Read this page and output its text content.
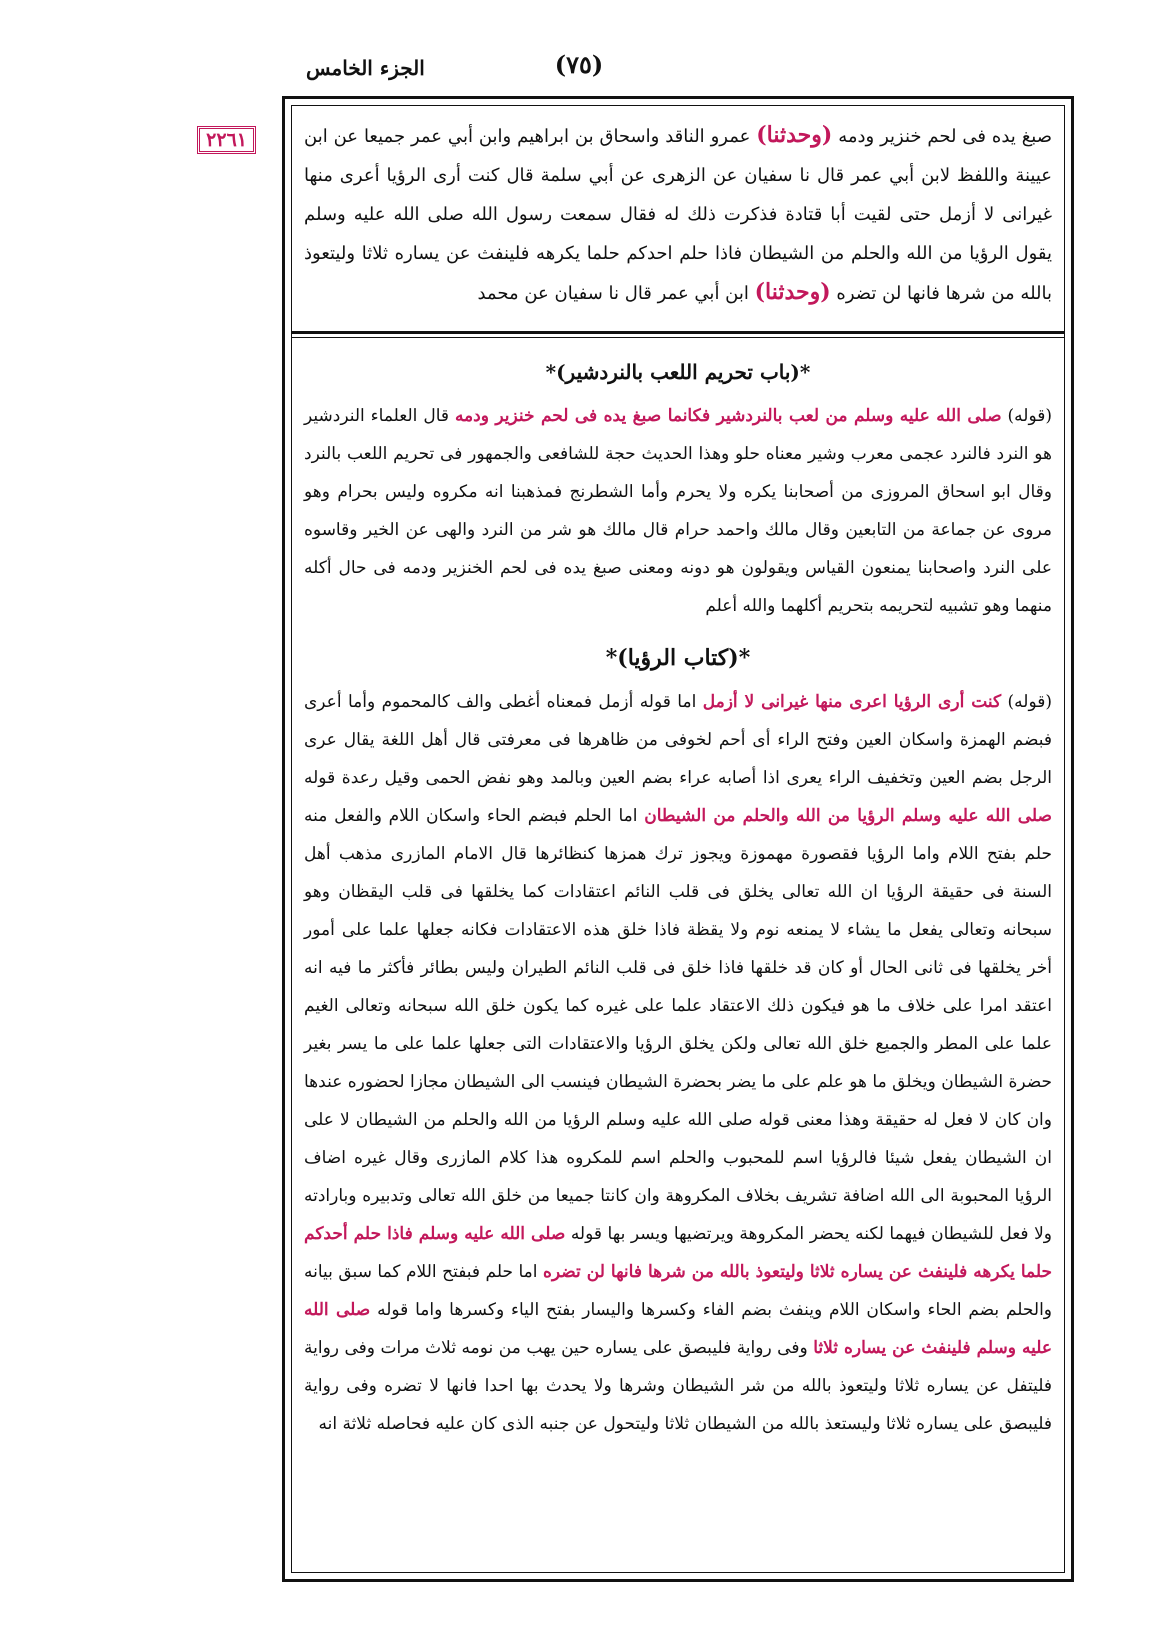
الجزء الخامس	(٧٥)
٢٢٦١	صبغ يده فى لحم خنزير ودمه (وحدثنا) عمرو الناقد واسحاق بن ابراهيم وابن أبي عمر جميعا عن ابن عيينة واللفظ لابن أبي عمر قال نا سفيان عن الزهرى عن أبي سلمة قال كنت أرى الرؤيا أعرى منها غيرانى لا أزمل حتى لقيت أبا قتادة فذكرت ذلك له فقال سمعت رسول الله صلى الله عليه وسلم يقول الرؤيا من الله والحلم من الشيطان فاذا حلم احدكم حلما يكرهه فلينفث عن يساره ثلاثا وليتعوذ بالله من شرها فانها لن تضره (وحدثنا) ابن أبي عمر قال نا سفيان عن محمد
*(باب تحريم اللعب بالنردشير)*

(قوله) صلى الله عليه وسلم من لعب بالنردشير فكانما صبغ يده فى لحم خنزير ودمه قال العلماء النردشير هو النرد فالنرد عجمى معرب وشير معناه حلو وهذا الحديث حجة للشافعى والجمهور فى تحريم اللعب بالنرد وقال ابو اسحاق المروزى من أصحابنا يكره ولا يحرم وأما الشطرنج فمذهبنا انه مكروه وليس بحرام وهو مروى عن جماعة من التابعين وقال مالك واحمد حرام قال مالك هو شر من النرد والهى عن الخير وقاسوه على النرد واصحابنا يمنعون القياس ويقولون هو دونه ومعنى صبغ يده فى لحم الخنزير ودمه فى حال أكله منهما وهو تشبيه لتحريمه بتحريم أكلهما والله أعلم

*(كتاب الرؤيا)*

(قوله) كنت أرى الرؤيا اعرى منها غيرانى لا أزمل اما قوله أزمل فمعناه أغطى والف كالمحموم وأما أعرى فبضم الهمزة واسكان العين وفتح الراء أى أحم لخوفى من ظاهرها فى معرفتى قال أهل اللغة يقال عرى الرجل بضم العين وتخفيف الراء يعرى اذا أصابه عراء بضم العين وبالمد وهو نفض الحمى وقيل رعدة قوله صلى الله عليه وسلم الرؤيا من الله والحلم من الشيطان اما الحلم فبضم الحاء واسكان اللام والفعل منه حلم بفتح اللام واما الرؤيا فقصورة مهموزة ويجوز ترك همزها كنظائرها قال الامام المازرى مذهب أهل السنة فى حقيقة الرؤيا ان الله تعالى يخلق فى قلب النائم اعتقادات كما يخلقها فى قلب اليقظان وهو سبحانه وتعالى يفعل ما يشاء لا يمنعه نوم ولا يقظة فاذا خلق هذه الاعتقادات فكانه جعلها علما على أمور أخر يخلقها فى ثانى الحال أو كان قد خلقها فاذا خلق فى قلب النائم الطيران وليس بطائر فأكثر ما فيه انه اعتقد امرا على خلاف ما هو فيكون ذلك الاعتقاد علما على غيره كما يكون خلق الله سبحانه وتعالى الغيم علما على المطر والجميع خلق الله تعالى ولكن يخلق الرؤيا والاعتقادات التى جعلها علما على ما يسر بغير حضرة الشيطان ويخلق ما هو علم على ما يضر بحضرة الشيطان فينسب الى الشيطان مجازا لحضوره عندها وان كان لا فعل له حقيقة وهذا معنى قوله صلى الله عليه وسلم الرؤيا من الله والحلم من الشيطان لا على ان الشيطان يفعل شيئا فالرؤيا اسم للمحبوب والحلم اسم للمكروه هذا كلام المازرى وقال غيره اضاف الرؤيا المحبوبة الى الله اضافة تشريف بخلاف المكروهة وان كانتا جميعا من خلق الله تعالى وتدبيره وبارادته ولا فعل للشيطان فيهما لكنه يحضر المكروهة ويرتضيها ويسر بها قوله صلى الله عليه وسلم فاذا حلم أحدكم حلما يكرهه فلينفث عن يساره ثلاثا وليتعوذ بالله من شرها فانها لن تضره اما حلم فبفتح اللام كما سبق بيانه والحلم بضم الحاء واسكان اللام وينفث بضم الفاء وكسرها واليسار بفتح الياء وكسرها واما قوله صلى الله عليه وسلم فلينفث عن يساره ثلاثا وفى رواية فليبصق على يساره حين يهب من نومه ثلاث مرات وفى رواية فليتفل عن يساره ثلاثا وليتعوذ بالله من شر الشيطان وشرها ولا يحدث بها احدا فانها لا تضره وفى رواية فليبصق على يساره ثلاثا وليستعذ بالله من الشيطان ثلاثا وليتحول عن جنبه الذى كان عليه فحاصله ثلاثة انه
